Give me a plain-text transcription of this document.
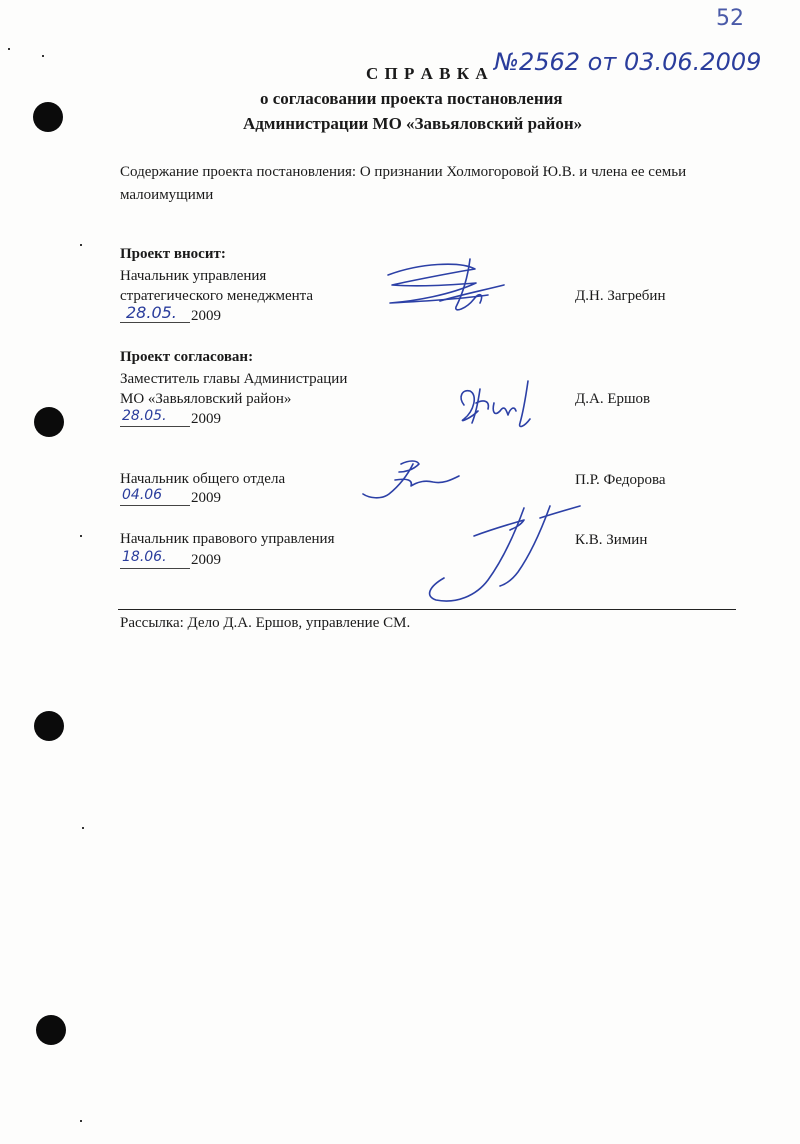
52
С П Р А В К А №2562 от 03.06.2009
о согласовании проекта постановления
Администрации МО «Завьяловский район»
Содержание проекта постановления: О признании Холмогоровой Ю.В. и члена ее семьи
малоимущими
Проект вносит:
Начальник управления
стратегического менеджмента
28.05. 2009
Д.Н. Загребин
Проект согласован:
Заместитель главы Администрации
МО «Завьяловский район»
28.05. 2009
Д.А. Ершов
Начальник общего отдела
04.06 2009
П.Р. Федорова
Начальник правового управления
18.06. 2009
К.В. Зимин
Рассылка: Дело Д.А. Ершов, управление СМ.
